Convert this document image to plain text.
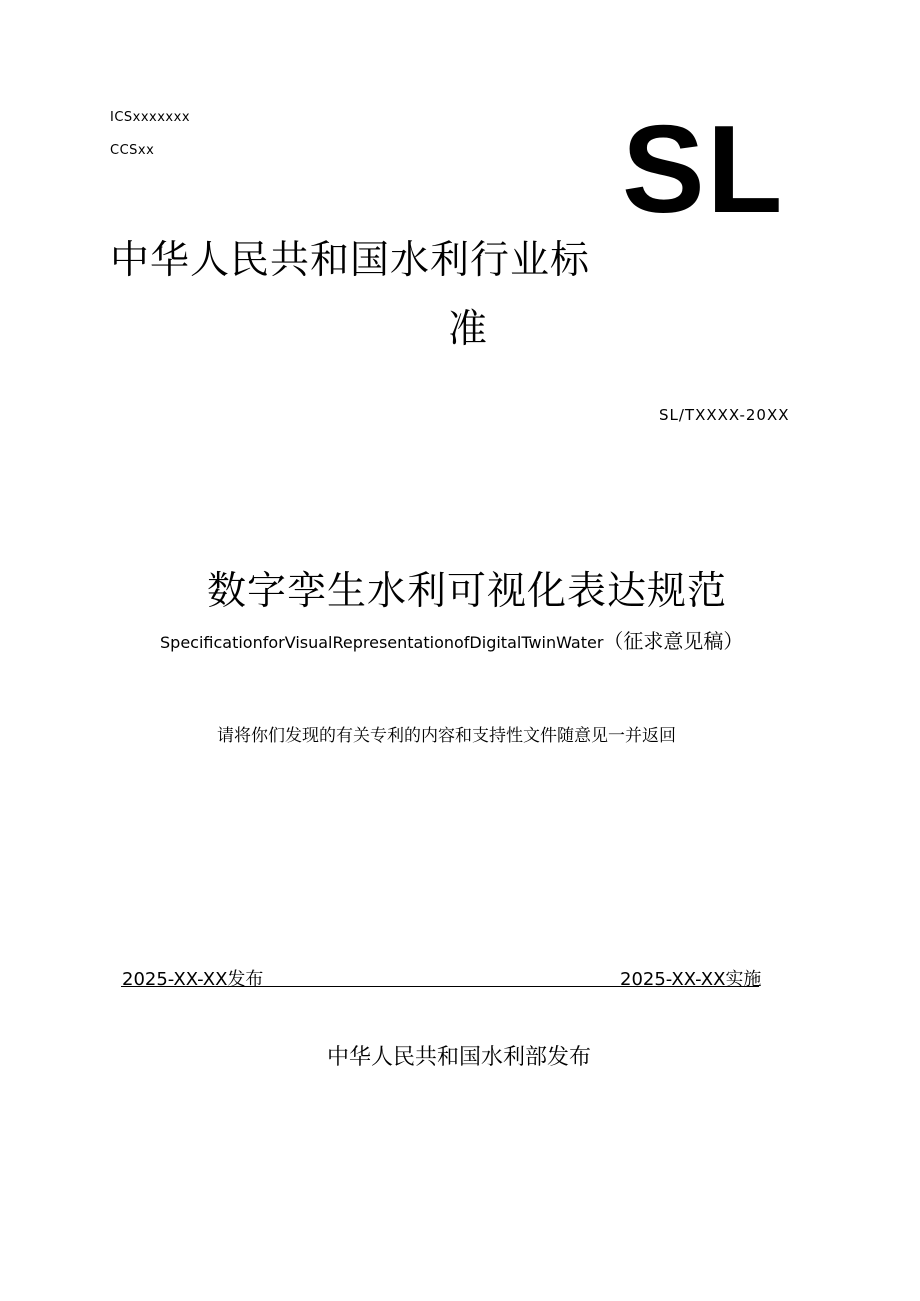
ICSxxxxxxx
CCSxx	SL
中华人民共和国水利行业标
准
SL/TXXXX-20XX
数字孪生水利可视化表达规范
SpecificationforVisualRepresentationofDigitalTwinWater（征求意见稿）
请将你们发现的有关专利的内容和支持性文件随意见一并返回
2025-XX-XX发布	2025-XX-XX实施
中华人民共和国水利部发布
